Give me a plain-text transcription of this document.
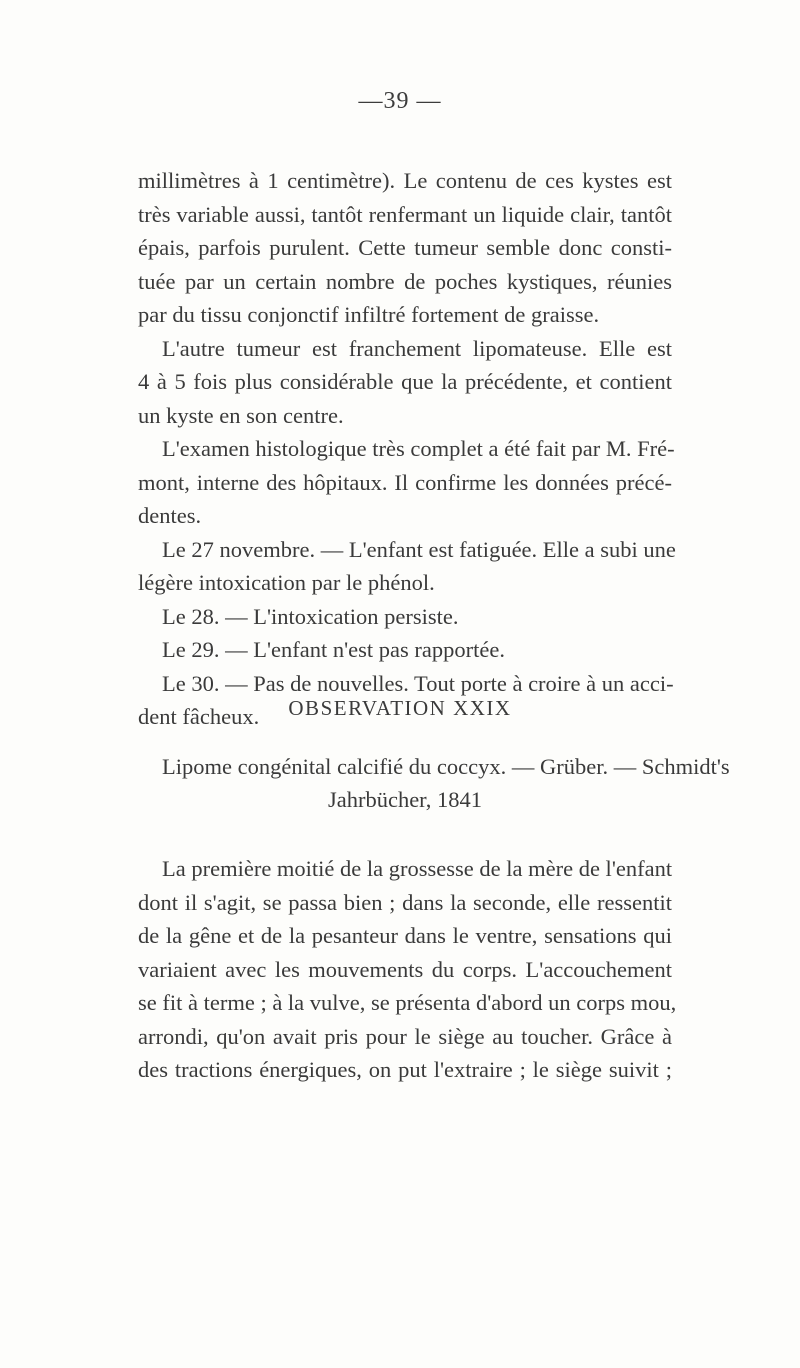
—39 —

millimètres à 1 centimètre). Le contenu de ces kystes est
très variable aussi, tantôt renfermant un liquide clair, tantôt
épais, parfois purulent. Cette tumeur semble donc consti-
tuée par un certain nombre de poches kystiques, réunies
par du tissu conjonctif infiltré fortement de graisse.

L'autre tumeur est franchement lipomateuse. Elle est
4 à 5 fois plus considérable que la précédente, et contient
un kyste en son centre.

L'examen histologique très complet a été fait par M. Fré-
mont, interne des hôpitaux. Il confirme les données précé-
dentes.

Le 27 novembre. — L'enfant est fatiguée. Elle a subi une
légère intoxication par le phénol.

Le 28. — L'intoxication persiste.

Le 29. — L'enfant n'est pas rapportée.

Le 30. — Pas de nouvelles. Tout porte à croire à un acci-
dent fâcheux.	OBSERVATION XXIX
Lipome congénital calcifié du coccyx. — Grüber. — Schmidt's
Jahrbücher, 1841

La première moitié de la grossesse de la mère de l'enfant
dont il s'agit, se passa bien ; dans la seconde, elle ressentit
de la gêne et de la pesanteur dans le ventre, sensations qui
variaient avec les mouvements du corps. L'accouchement
se fit à terme ; à la vulve, se présenta d'abord un corps mou,
arrondi, qu'on avait pris pour le siège au toucher. Grâce à
des tractions énergiques, on put l'extraire ; le siège suivit ;
